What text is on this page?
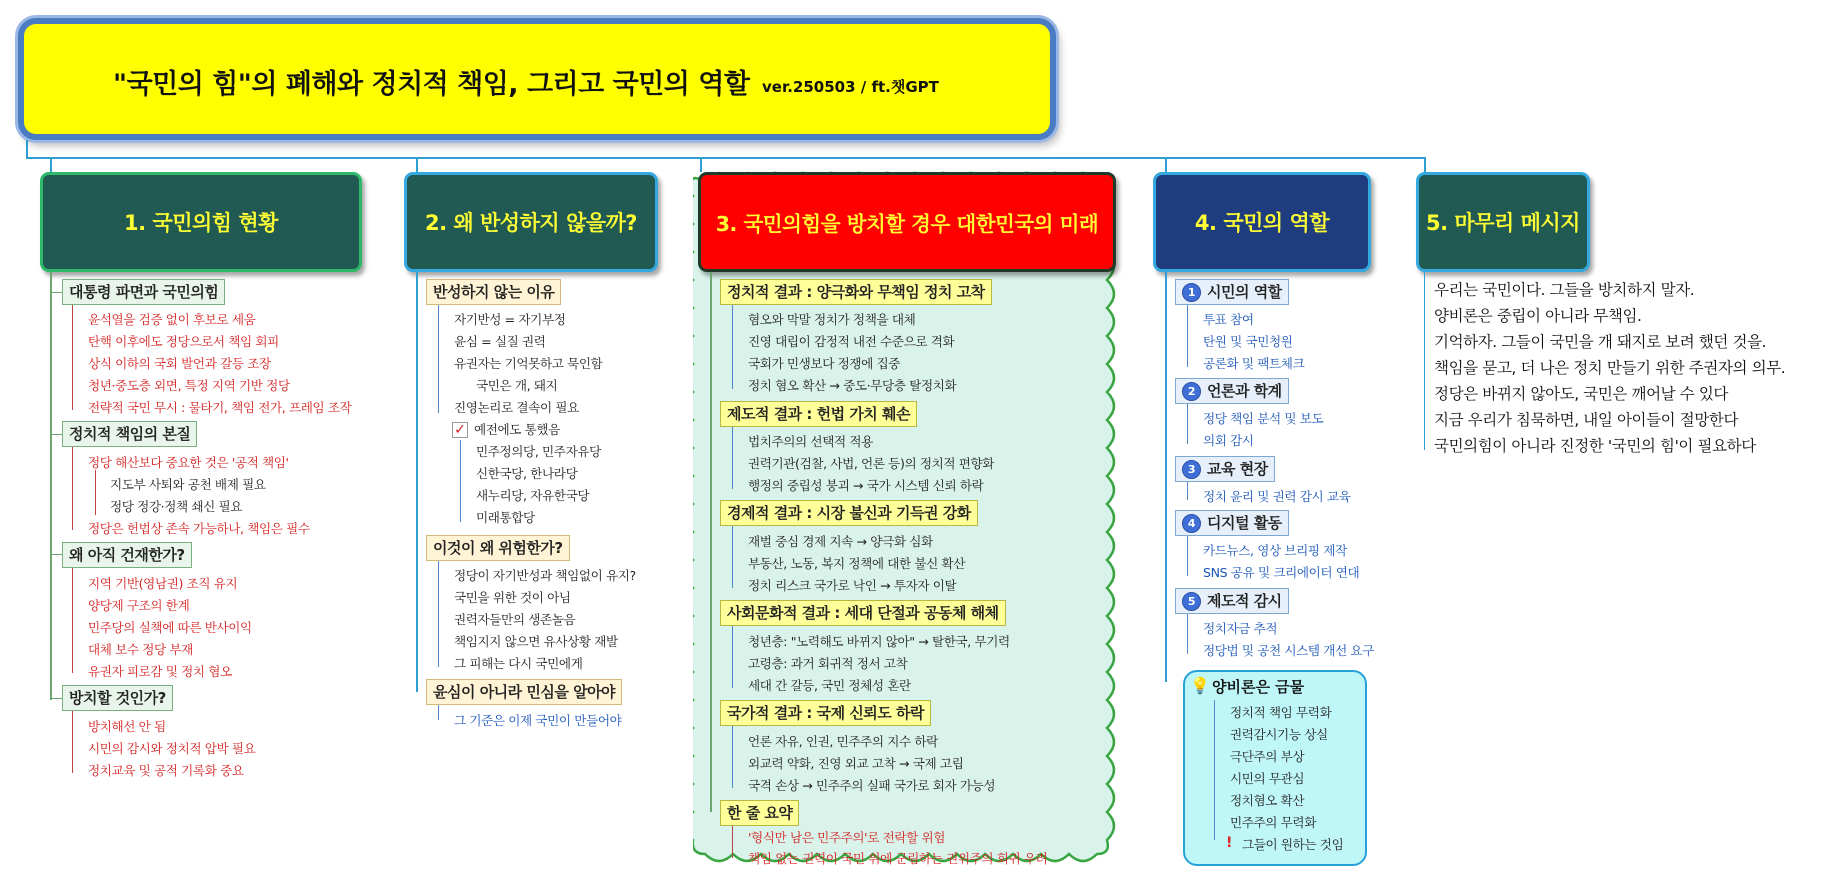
"국민의 힘"의 폐해와 정치적 책임, 그리고 국민의 역할 ver.250503 / ft.챗GPT
1. 국민의힘 현황	2. 왜 반성하지 않을까?	3. 국민의힘을 방치할 경우 대한민국의 미래	4. 국민의 역할	5. 마무리 메시지
대통령 파면과 국민의힘
윤석열을 검증 없이 후보로 세움
탄핵 이후에도 정당으로서 책임 회피
상식 이하의 국회 발언과 갈등 조장
청년·중도층 외면, 특정 지역 기반 정당
전략적 국민 무시 : 물타기, 책임 전가, 프레임 조작
정치적 책임의 본질
정당 해산보다 중요한 것은 '공적 책임'
지도부 사퇴와 공천 배제 필요
정당 정강·정책 쇄신 필요
정당은 헌법상 존속 가능하나, 책임은 필수
왜 아직 건재한가?
지역 기반(영남권) 조직 유지
양당제 구조의 한계
민주당의 실책에 따른 반사이익
대체 보수 정당 부재
유권자 피로감 및 정치 혐오
방치할 것인가?
방치해선 안 됨
시민의 감시와 정치적 압박 필요
정치교육 및 공적 기록화 중요
반성하지 않는 이유
자기반성 = 자기부정
윤심 = 실질 권력
유권자는 기억못하고 묵인함
국민은 개, 돼지
진영논리로 결속이 필요
✓ 예전에도 통했음
민주정의당, 민주자유당
신한국당, 한나라당
새누리당, 자유한국당
미래통합당
이것이 왜 위험한가?
정당이 자기반성과 책임없이 유지?
국민을 위한 것이 아님
권력자들만의 생존놀음
책임지지 않으면 유사상황 재발
그 피해는 다시 국민에게
윤심이 아니라 민심을 알아야
그 기준은 이제 국민이 만들어야
정치적 결과 : 양극화와 무책임 정치 고착
혐오와 막말 정치가 정책을 대체
진영 대립이 감정적 내전 수준으로 격화
국회가 민생보다 정쟁에 집중
정치 혐오 확산 → 중도·무당층 탈정치화
제도적 결과 : 헌법 가치 훼손
법치주의의 선택적 적용
권력기관(검찰, 사법, 언론 등)의 정치적 편향화
행정의 중립성 붕괴 → 국가 시스템 신뢰 하락
경제적 결과 : 시장 불신과 기득권 강화
재벌 중심 경제 지속 → 양극화 심화
부동산, 노동, 복지 정책에 대한 불신 확산
정치 리스크 국가로 낙인 → 투자자 이탈
사회문화적 결과 : 세대 단절과 공동체 해체
청년층: "노력해도 바뀌지 않아" → 탈한국, 무기력
고령층: 과거 회귀적 정서 고착
세대 간 갈등, 국민 정체성 혼란
국가적 결과 : 국제 신뢰도 하락
언론 자유, 인권, 민주주의 지수 하락
외교력 약화, 진영 외교 고착 → 국제 고립
국격 손상 → 민주주의 실패 국가로 회자 가능성
한 줄 요약
'형식만 남은 민주주의'로 전락할 위험
책임 없는 권력이 국민 위에 군림하는 권위주의 회귀 우려
1 시민의 역할
투표 참여
탄원 및 국민청원
공론화 및 팩트체크
2 언론과 학계
정당 책임 분석 및 보도
의회 감시
3 교육 현장
정치 윤리 및 권력 감시 교육
4 디지털 활동
카드뉴스, 영상 브리핑 제작
SNS 공유 및 크리에이터 연대
5 제도적 감시
정치자금 추적
정당법 및 공천 시스템 개선 요구
💡 양비론은 금물
정치적 책임 무력화
권력감시기능 상실
극단주의 부상
시민의 무관심
정치혐오 확산
민주주의 무력화
! 그들이 원하는 것임
우리는 국민이다. 그들을 방치하지 말자.
양비론은 중립이 아니라 무책임.
기억하자. 그들이 국민을 개 돼지로 보려 했던 것을.
책임을 묻고, 더 나은 정치 만들기 위한 주권자의 의무.
정당은 바뀌지 않아도, 국민은 깨어날 수 있다
지금 우리가 침묵하면, 내일 아이들이 절망한다
국민의힘이 아니라 진정한 '국민의 힘'이 필요하다
